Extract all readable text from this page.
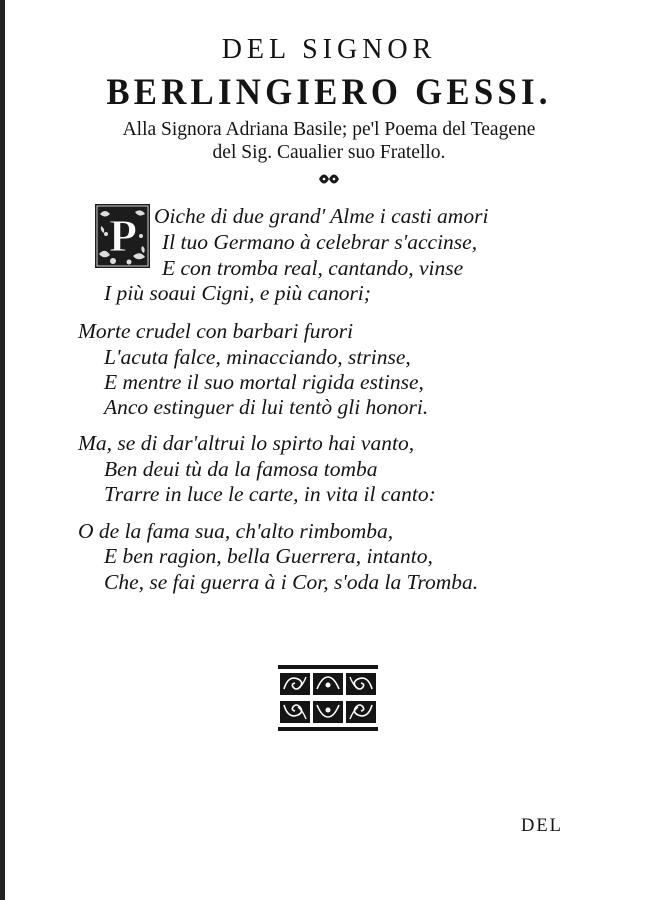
DEL SIGNOR
BERLINGIERO GESSI.
Alla Signora Adriana Basile; pe'l Poema del Teagene
del Sig. Caualier suo Fratello.
P Oiche di due grand' Alme i casti amori
Il tuo Germano à celebrar s'accinse,
E con tromba real, cantando, vinse
I più soaui Cigni, e più canori;
Morte crudel con barbari furori
L'acuta falce, minacciando, strinse,
E mentre il suo mortal rigida estinse,
Anco estinguer di lui tentò gli honori.
Ma, se di dar'altrui lo spirto hai vanto,
Ben deui tù da la famosa tomba
Trarre in luce le carte, in vita il canto:
O de la fama sua, ch'alto rimbomba,
E ben ragion, bella Guerrera, intanto,
Che, se fai guerra à i Cor, s'oda la Tromba.
DEL
